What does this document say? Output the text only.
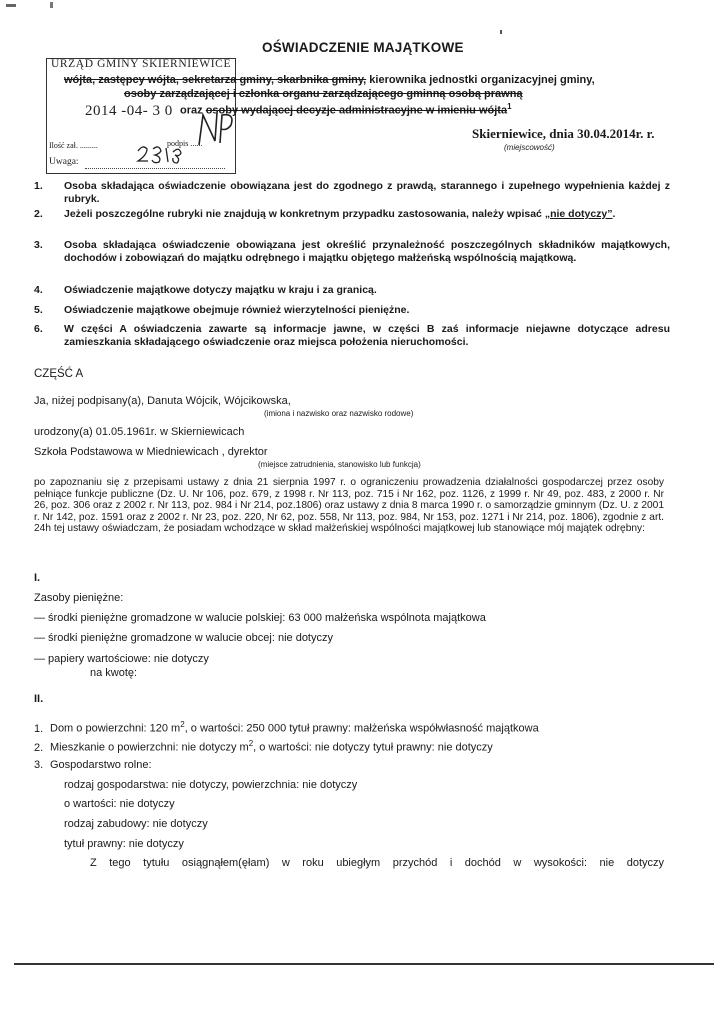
OŚWIADCZENIE MAJĄTKOWE
URZĄD GMINY SKIERNIEWICE
2014 -04- 3 0
Ilość zał. .........	podpis ......
Uwaga:
wójta, zastępcy wójta, sekretarza gminy, skarbnika gminy, kierownika jednostki organizacyjnej gminy,
osoby zarządzającej i członka organu zarządzającego gminną osobą prawną
oraz osoby wydającej decyzje administracyjne w imieniu wójta$^1$
Skierniewice, dnia 30.04.2014r. r.
(miejscowość)
1. Osoba składająca oświadczenie obowiązana jest do zgodnego z prawdą, starannego i zupełnego wypełnienia każdej z rubryk.
2. Jeżeli poszczególne rubryki nie znajdują w konkretnym przypadku zastosowania, należy wpisać „nie dotyczy”.
3. Osoba składająca oświadczenie obowiązana jest określić przynależność poszczególnych składników majątkowych, dochodów i zobowiązań do majątku odrębnego i majątku objętego małżeńską wspólnością majątkową.
4. Oświadczenie majątkowe dotyczy majątku w kraju i za granicą.
5. Oświadczenie majątkowe obejmuje również wierzytelności pieniężne.
6. W części A oświadczenia zawarte są informacje jawne, w części B zaś informacje niejawne dotyczące adresu zamieszkania składającego oświadczenie oraz miejsca położenia nieruchomości.
CZĘŚĆ A
Ja, niżej podpisany(a), Danuta Wójcik, Wójcikowska,
(imiona i nazwisko oraz nazwisko rodowe)
urodzony(a) 01.05.1961r. w Skierniewicach
Szkoła Podstawowa w Miedniewicach , dyrektor
(miejsce zatrudnienia, stanowisko lub funkcja)
po zapoznaniu się z przepisami ustawy z dnia 21 sierpnia 1997 r. o ograniczeniu prowadzenia działalności gospodarczej przez osoby pełniące funkcje publiczne (Dz. U. Nr 106, poz. 679, z 1998 r. Nr 113, poz. 715 i Nr 162, poz. 1126, z 1999 r. Nr 49, poz. 483, z 2000 r. Nr 26, poz. 306 oraz z 2002 r. Nr 113, poz. 984 i Nr 214, poz.1806) oraz ustawy z dnia 8 marca 1990 r. o samorządzie gminnym (Dz. U. z 2001 r. Nr 142, poz. 1591 oraz z 2002 r. Nr 23, poz. 220, Nr 62, poz. 558, Nr 113, poz. 984, Nr 153, poz. 1271 i Nr 214, poz. 1806), zgodnie z art. 24h tej ustawy oświadczam, że posiadam wchodzące w skład małżeńskiej wspólności majątkowej lub stanowiące mój majątek odrębny:
I.
Zasoby pieniężne:
— środki pieniężne gromadzone w walucie polskiej: 63 000 małżeńska wspólnota majątkowa
— środki pieniężne gromadzone w walucie obcej: nie dotyczy
— papiery wartościowe: nie dotyczy
na kwotę:
II.
1. Dom o powierzchni: 120 $m^2$, o wartości: 250 000 tytuł prawny: małżeńska współwłasność majątkowa
2. Mieszkanie o powierzchni: nie dotyczy $m^2$, o wartości: nie dotyczy tytuł prawny: nie dotyczy
3. Gospodarstwo rolne:
rodzaj gospodarstwa: nie dotyczy, powierzchnia: nie dotyczy
o wartości: nie dotyczy
rodzaj zabudowy: nie dotyczy
tytuł prawny: nie dotyczy
Z tego tytułu osiągnąłem(ęłam) w roku ubiegłym przychód i dochód w wysokości: nie dotyczy
